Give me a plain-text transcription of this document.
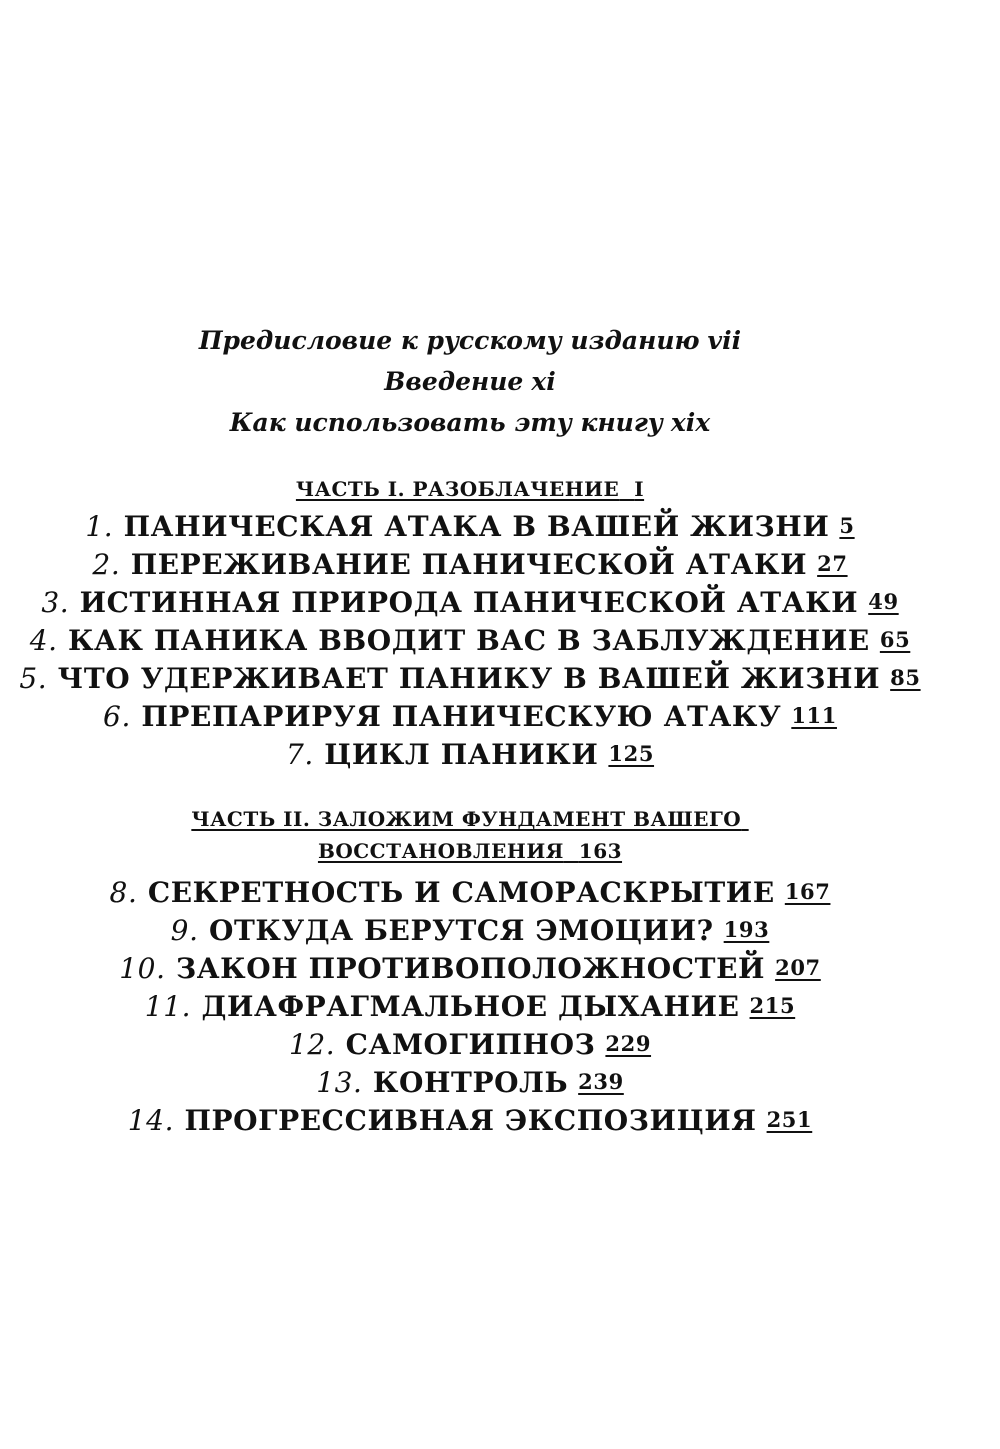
Предисловие к русскому изданию vii
Введение xi
Как использовать эту книгу xix
ЧАСТЬ I. РАЗОБЛАЧЕНИЕ I
1. ПАНИЧЕСКАЯ АТАКА В ВАШЕЙ ЖИЗНИ 5
2. ПЕРЕЖИВАНИЕ ПАНИЧЕСКОЙ АТАКИ 27
3. ИСТИННАЯ ПРИРОДА ПАНИЧЕСКОЙ АТАКИ 49
4. КАК ПАНИКА ВВОДИТ ВАС В ЗАБЛУЖДЕНИЕ 65
5. ЧТО УДЕРЖИВАЕТ ПАНИКУ В ВАШЕЙ ЖИЗНИ 85
6. ПРЕПАРИРУЯ ПАНИЧЕСКУЮ АТАКУ 111
7. ЦИКЛ ПАНИКИ 125
ЧАСТЬ II. ЗАЛОЖИМ ФУНДАМЕНТ ВАШЕГО
ВОССТАНОВЛЕНИЯ 163
8. СЕКРЕТНОСТЬ И САМОРАСКРЫТИЕ 167
9. ОТКУДА БЕРУТСЯ ЭМОЦИИ? 193
10. ЗАКОН ПРОТИВОПОЛОЖНОСТЕЙ 207
11. ДИАФРАГМАЛЬНОЕ ДЫХАНИЕ 215
12. САМОГИПНОЗ 229
13. КОНТРОЛЬ 239
14. ПРОГРЕССИВНАЯ ЭКСПОЗИЦИЯ 251
